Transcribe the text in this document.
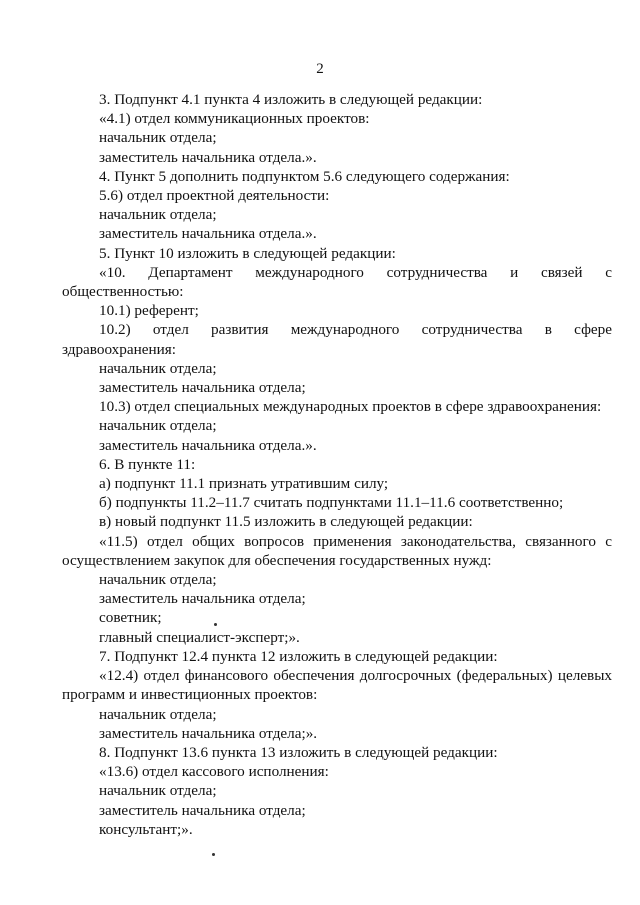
2

3. Подпункт 4.1 пункта 4 изложить в следующей редакции:

«4.1) отдел коммуникационных проектов:

начальник отдела;

заместитель начальника отдела.».

4. Пункт 5 дополнить подпунктом 5.6 следующего содержания:

5.6) отдел проектной деятельности:

начальник отдела;

заместитель начальника отдела.».

5. Пункт 10 изложить в следующей редакции:

«10. Департамент международного сотрудничества и связей с общественностью:

10.1) референт;

10.2) отдел развития международного сотрудничества в сфере здравоохранения:

начальник отдела;

заместитель начальника отдела;

10.3) отдел специальных международных проектов в сфере здравоохранения:

начальник отдела;

заместитель начальника отдела.».

6. В пункте 11:

а) подпункт 11.1 признать утратившим силу;

б) подпункты 11.2–11.7 считать подпунктами 11.1–11.6 соответственно;

в) новый подпункт 11.5 изложить в следующей редакции:

«11.5) отдел общих вопросов применения законодательства, связанного с осуществлением закупок для обеспечения государственных нужд:

начальник отдела;

заместитель начальника отдела;

советник;

главный специалист-эксперт;».

7. Подпункт 12.4 пункта 12 изложить в следующей редакции:

«12.4) отдел финансового обеспечения долгосрочных (федеральных) целевых программ и инвестиционных проектов:

начальник отдела;

заместитель начальника отдела;».

8. Подпункт 13.6 пункта 13 изложить в следующей редакции:

«13.6) отдел кассового исполнения:

начальник отдела;

заместитель начальника отдела;

консультант;».
